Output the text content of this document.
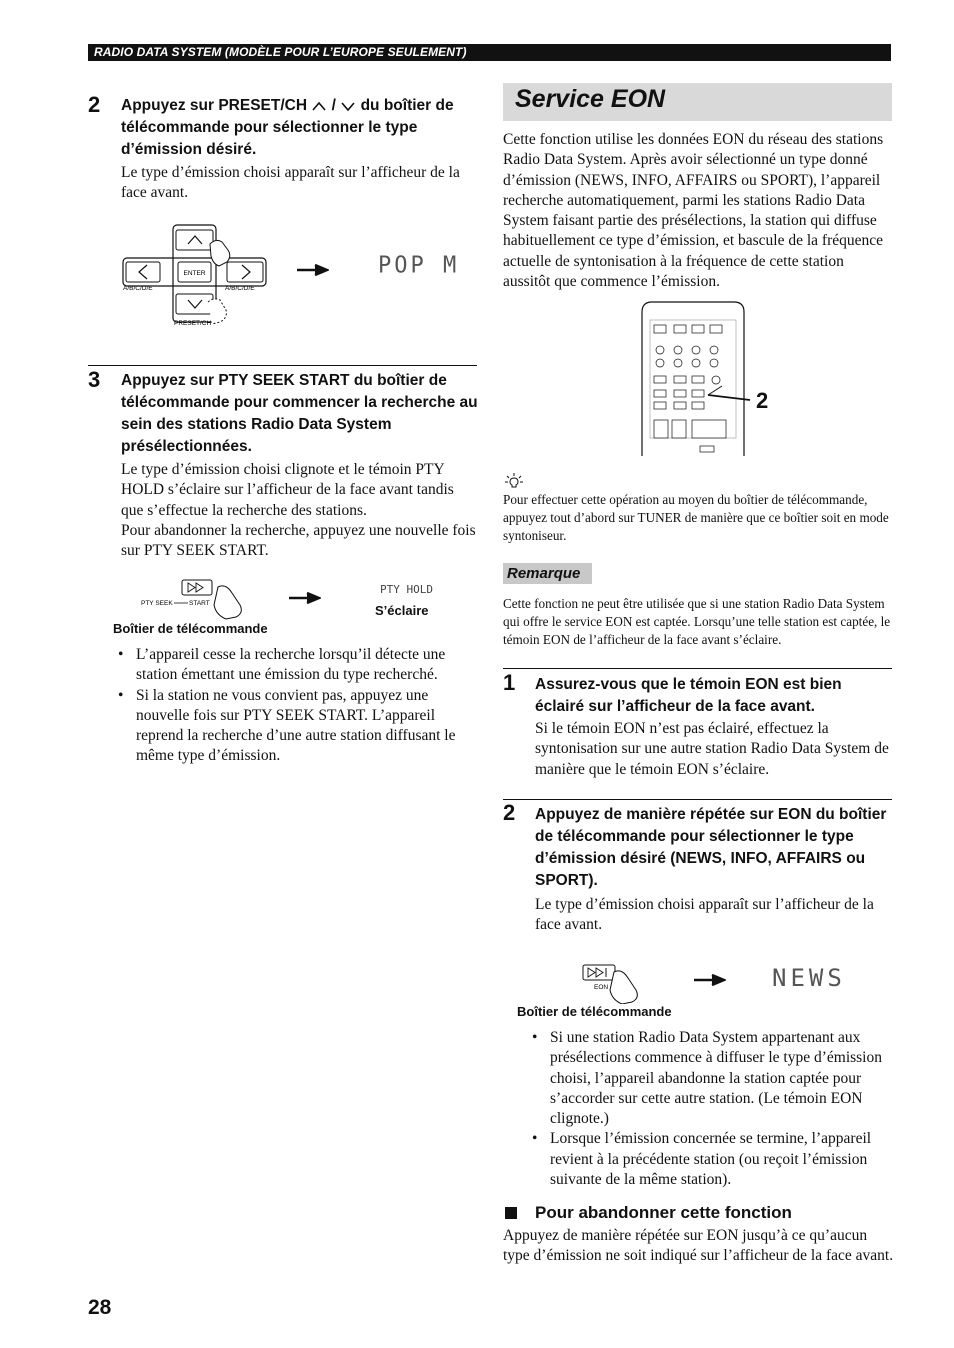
RADIO DATA SYSTEM (MODÈLE POUR L’EUROPE SEULEMENT)
2 Appuyez sur PRESET/CH / du boîtier de
télécommande pour sélectionner le type
d’émission désiré.
Le type d’émission choisi apparaît sur l’afficheur de la face avant.
ENTER
A/B/C/D/E	A/B/C/D/E
PRESET/CH
POP M
3 Appuyez sur PTY SEEK START du boîtier de télécommande pour commencer la recherche au sein des stations Radio Data System présélectionnées.
Le type d’émission choisi clignote et le témoin PTY HOLD s’éclaire sur l’afficheur de la face avant tandis que s’effectue la recherche des stations.
Pour abandonner la recherche, appuyez une nouvelle fois sur PTY SEEK START.
PTY SEEK	START
Boîtier de télécommande
PTY HOLD
S’éclaire
• L’appareil cesse la recherche lorsqu’il détecte une station émettant une émission du type recherché.
• Si la station ne vous convient pas, appuyez une nouvelle fois sur PTY SEEK START. L’appareil reprend la recherche d’une autre station diffusant le même type d’émission.
28
Service EON
Cette fonction utilise les données EON du réseau des stations Radio Data System. Après avoir sélectionné un type donné d’émission (NEWS, INFO, AFFAIRS ou SPORT), l’appareil recherche automatiquement, parmi les stations Radio Data System faisant partie des présélections, la station qui diffuse habituellement ce type d’émission, et bascule de la fréquence actuelle de syntonisation à la fréquence de cette station aussitôt que commence l’émission.
2
Pour effectuer cette opération au moyen du boîtier de télécommande, appuyez tout d’abord sur TUNER de manière que ce boîtier soit en mode syntoniseur.
Remarque
Cette fonction ne peut être utilisée que si une station Radio Data System qui offre le service EON est captée. Lorsqu’une telle station est captée, le témoin EON de l’afficheur de la face avant s’éclaire.
1 Assurez-vous que le témoin EON est bien éclairé sur l’afficheur de la face avant.
Si le témoin EON n’est pas éclairé, effectuez la syntonisation sur une autre station Radio Data System de manière que le témoin EON s’éclaire.
2 Appuyez de manière répétée sur EON du boîtier de télécommande pour sélectionner le type d’émission désiré (NEWS, INFO, AFFAIRS ou SPORT).
Le type d’émission choisi apparaît sur l’afficheur de la face avant.
EON
Boîtier de télécommande
NEWS
• Si une station Radio Data System appartenant aux présélections commence à diffuser le type d’émission choisi, l’appareil abandonne la station captée pour s’accorder sur cette autre station. (Le témoin EON clignote.)
• Lorsque l’émission concernée se termine, l’appareil revient à la précédente station (ou reçoit l’émission suivante de la même station).
Pour abandonner cette fonction
Appuyez de manière répétée sur EON jusqu’à ce qu’aucun type d’émission ne soit indiqué sur l’afficheur de la face avant.
